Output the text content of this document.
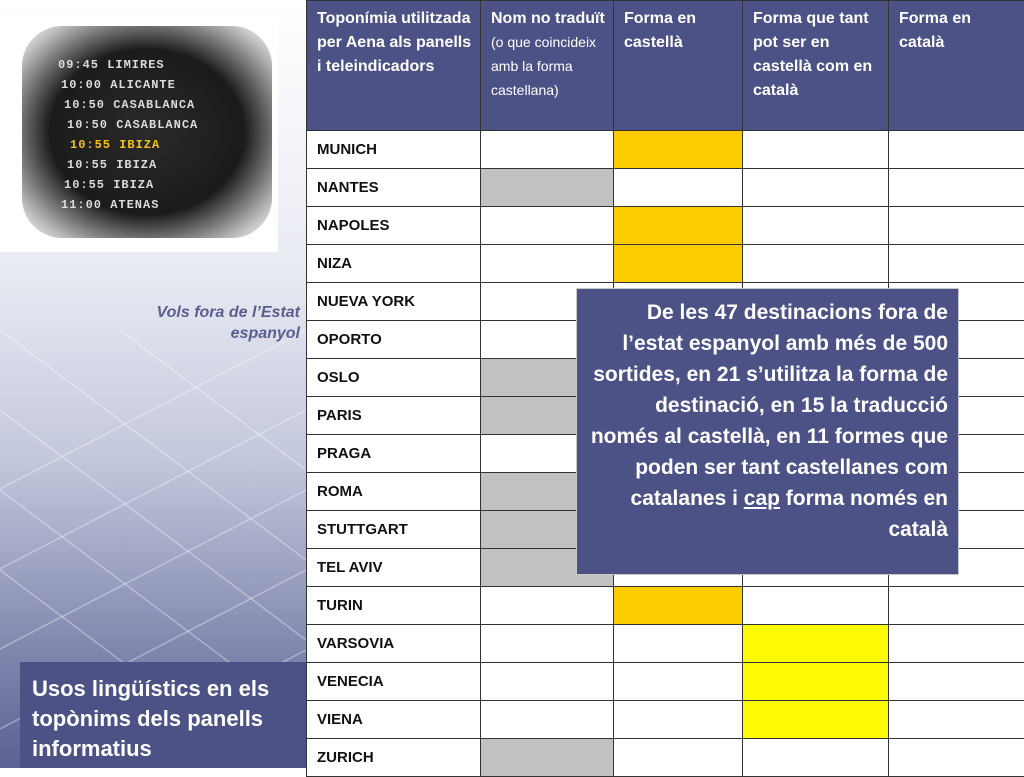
09:45 LIMIRES
10:00 ALICANTE
10:50 CASABLANCA
10:50 CASABLANCA
10:55 IBIZA
10:55 IBIZA
10:55 IBIZA
11:00 ATENAS
Vols fora de l’Estat espanyol
Usos lingüístics en els
topònims dels panells
informatius
Toponímia utilitzada per Aena als panells i teleindicadors	Nom no traduït (o que coincideix amb la forma castellana)	Forma en castellà	Forma que tant pot ser en castellà com en català	Forma en català
MUNICH				
NANTES				
NAPOLES				
NIZA				
NUEVA YORK				
OPORTO				
OSLO				
PARIS				
PRAGA				
ROMA				
STUTTGART				
TEL AVIV				
TURIN				
VARSOVIA				
VENECIA				
VIENA				
ZURICH				
De les 47 destinacions fora de l’estat espanyol amb més de 500 sortides, en 21 s’utilitza la forma de destinació, en 15 la traducció només al castellà, en 11 formes que poden ser tant castellanes com catalanes i cap forma només en català
